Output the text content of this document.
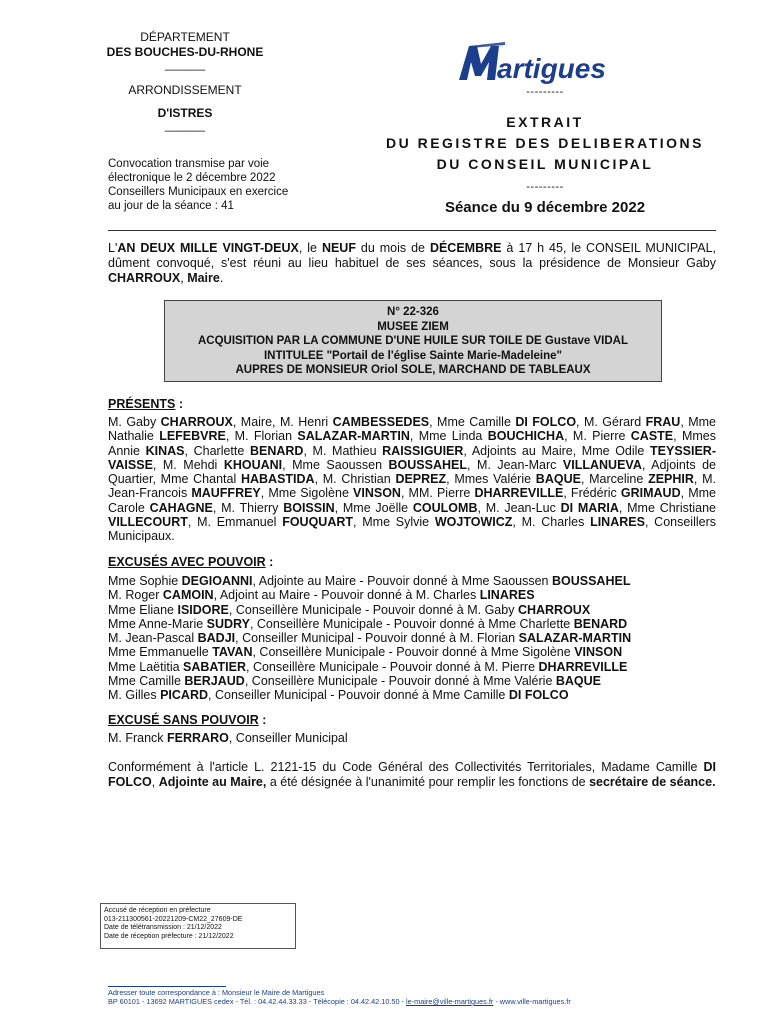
DÉPARTEMENT
DES BOUCHES-DU-RHONE
______
ARRONDISSEMENT
D'ISTRES
______
Convocation transmise par voie
électronique le 2 décembre 2022
Conseillers Municipaux en exercice
au jour de la séance : 41
artigues
---------
EXTRAIT
DU REGISTRE DES DELIBERATIONS
DU CONSEIL MUNICIPAL
---------
Séance du 9 décembre 2022
L'AN DEUX MILLE VINGT-DEUX, le NEUF du mois de DÉCEMBRE à 17 h 45, le CONSEIL MUNICIPAL, dûment convoqué, s'est réuni au lieu habituel de ses séances, sous la présidence de Monsieur Gaby CHARROUX, Maire.
N° 22-326
MUSEE ZIEM
ACQUISITION PAR LA COMMUNE D'UNE HUILE SUR TOILE DE Gustave VIDAL
INTITULEE "Portail de l'église Sainte Marie-Madeleine"
AUPRES DE MONSIEUR Oriol SOLE, MARCHAND DE TABLEAUX
PRÉSENTS :
M. Gaby CHARROUX, Maire, M. Henri CAMBESSEDES, Mme Camille DI FOLCO, M. Gérard FRAU, Mme Nathalie LEFEBVRE, M. Florian SALAZAR-MARTIN, Mme Linda BOUCHICHA, M. Pierre CASTE, Mmes Annie KINAS, Charlette BENARD, M. Mathieu RAISSIGUIER, Adjoints au Maire, Mme Odile TEYSSIER-VAISSE, M. Mehdi KHOUANI, Mme Saoussen BOUSSAHEL, M. Jean-Marc VILLANUEVA, Adjoints de Quartier, Mme Chantal HABASTIDA, M. Christian DEPREZ, Mmes Valérie BAQUE, Marceline ZEPHIR, M. Jean-Francois MAUFFREY, Mme Sigolène VINSON, MM. Pierre DHARREVILLE, Frédéric GRIMAUD, Mme Carole CAHAGNE, M. Thierry BOISSIN, Mme Joëlle COULOMB, M. Jean-Luc DI MARIA, Mme Christiane VILLECOURT, M. Emmanuel FOUQUART, Mme Sylvie WOJTOWICZ, M. Charles LINARES, Conseillers Municipaux.
EXCUSÉS AVEC POUVOIR :
Mme Sophie DEGIOANNI, Adjointe au Maire - Pouvoir donné à Mme Saoussen BOUSSAHEL
M. Roger CAMOIN, Adjoint au Maire - Pouvoir donné à M. Charles LINARES
Mme Eliane ISIDORE, Conseillère Municipale - Pouvoir donné à M. Gaby CHARROUX
Mme Anne-Marie SUDRY, Conseillère Municipale - Pouvoir donné à Mme Charlette BENARD
M. Jean-Pascal BADJI, Conseiller Municipal - Pouvoir donné à M. Florian SALAZAR-MARTIN
Mme Emmanuelle TAVAN, Conseillère Municipale - Pouvoir donné à Mme Sigolène VINSON
Mme Laëtitia SABATIER, Conseillère Municipale - Pouvoir donné à M. Pierre DHARREVILLE
Mme Camille BERJAUD, Conseillère Municipale - Pouvoir donné à Mme Valérie BAQUE
M. Gilles PICARD, Conseiller Municipal - Pouvoir donné à Mme Camille DI FOLCO
EXCUSÉ SANS POUVOIR :
M. Franck FERRARO, Conseiller Municipal
Conformément à l'article L. 2121-15 du Code Général des Collectivités Territoriales, Madame Camille DI FOLCO, Adjointe au Maire, a été désignée à l'unanimité pour remplir les fonctions de secrétaire de séance.
Accusé de réception en préfecture
013-211300561-20221209-CM22_27609-DE
Date de télétransmission : 21/12/2022
Date de réception préfecture : 21/12/2022
Adresser toute correspondance à : Monsieur le Maire de Martigues
BP 60101 - 13692 MARTIGUES cedex - Tél. : 04.42.44.33.33 - Télécopie : 04.42.42.10.50 - le-maire@ville-martigues.fr - www.ville-martigues.fr
